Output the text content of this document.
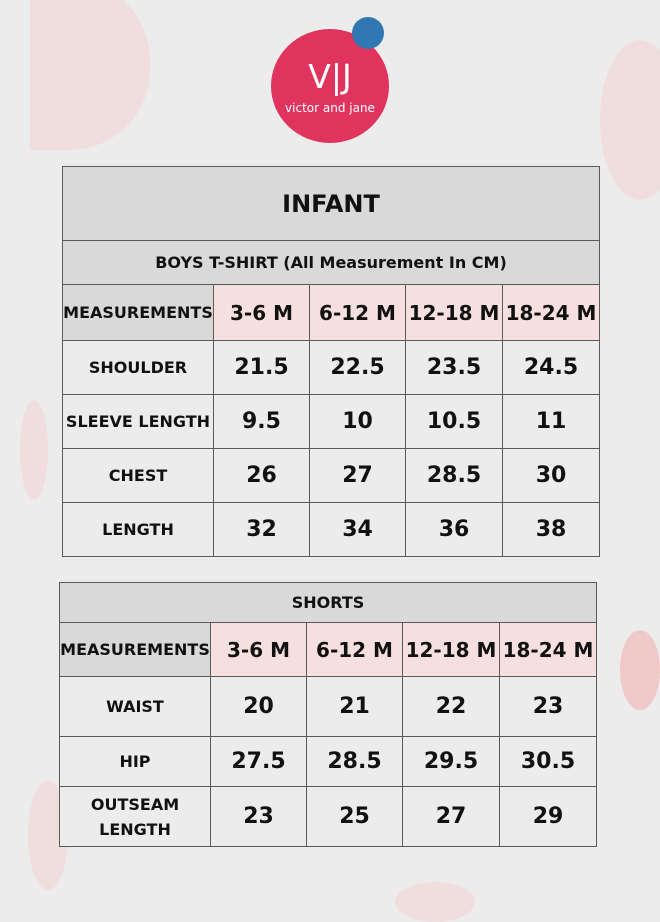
V|J
victor and jane
INFANT				
BOYS T-SHIRT (All Measurement In CM)				
MEASUREMENTS	3-6 M	6-12 M	12-18 M	18-24 M
SHOULDER	21.5	22.5	23.5	24.5
SLEEVE LENGTH	9.5	10	10.5	11
CHEST	26	27	28.5	30
LENGTH	32	34	36	38
SHORTS				
MEASUREMENTS	3-6 M	6-12 M	12-18 M	18-24 M
WAIST	20	21	22	23
HIP	27.5	28.5	29.5	30.5
OUTSEAM LENGTH	23	25	27	29
